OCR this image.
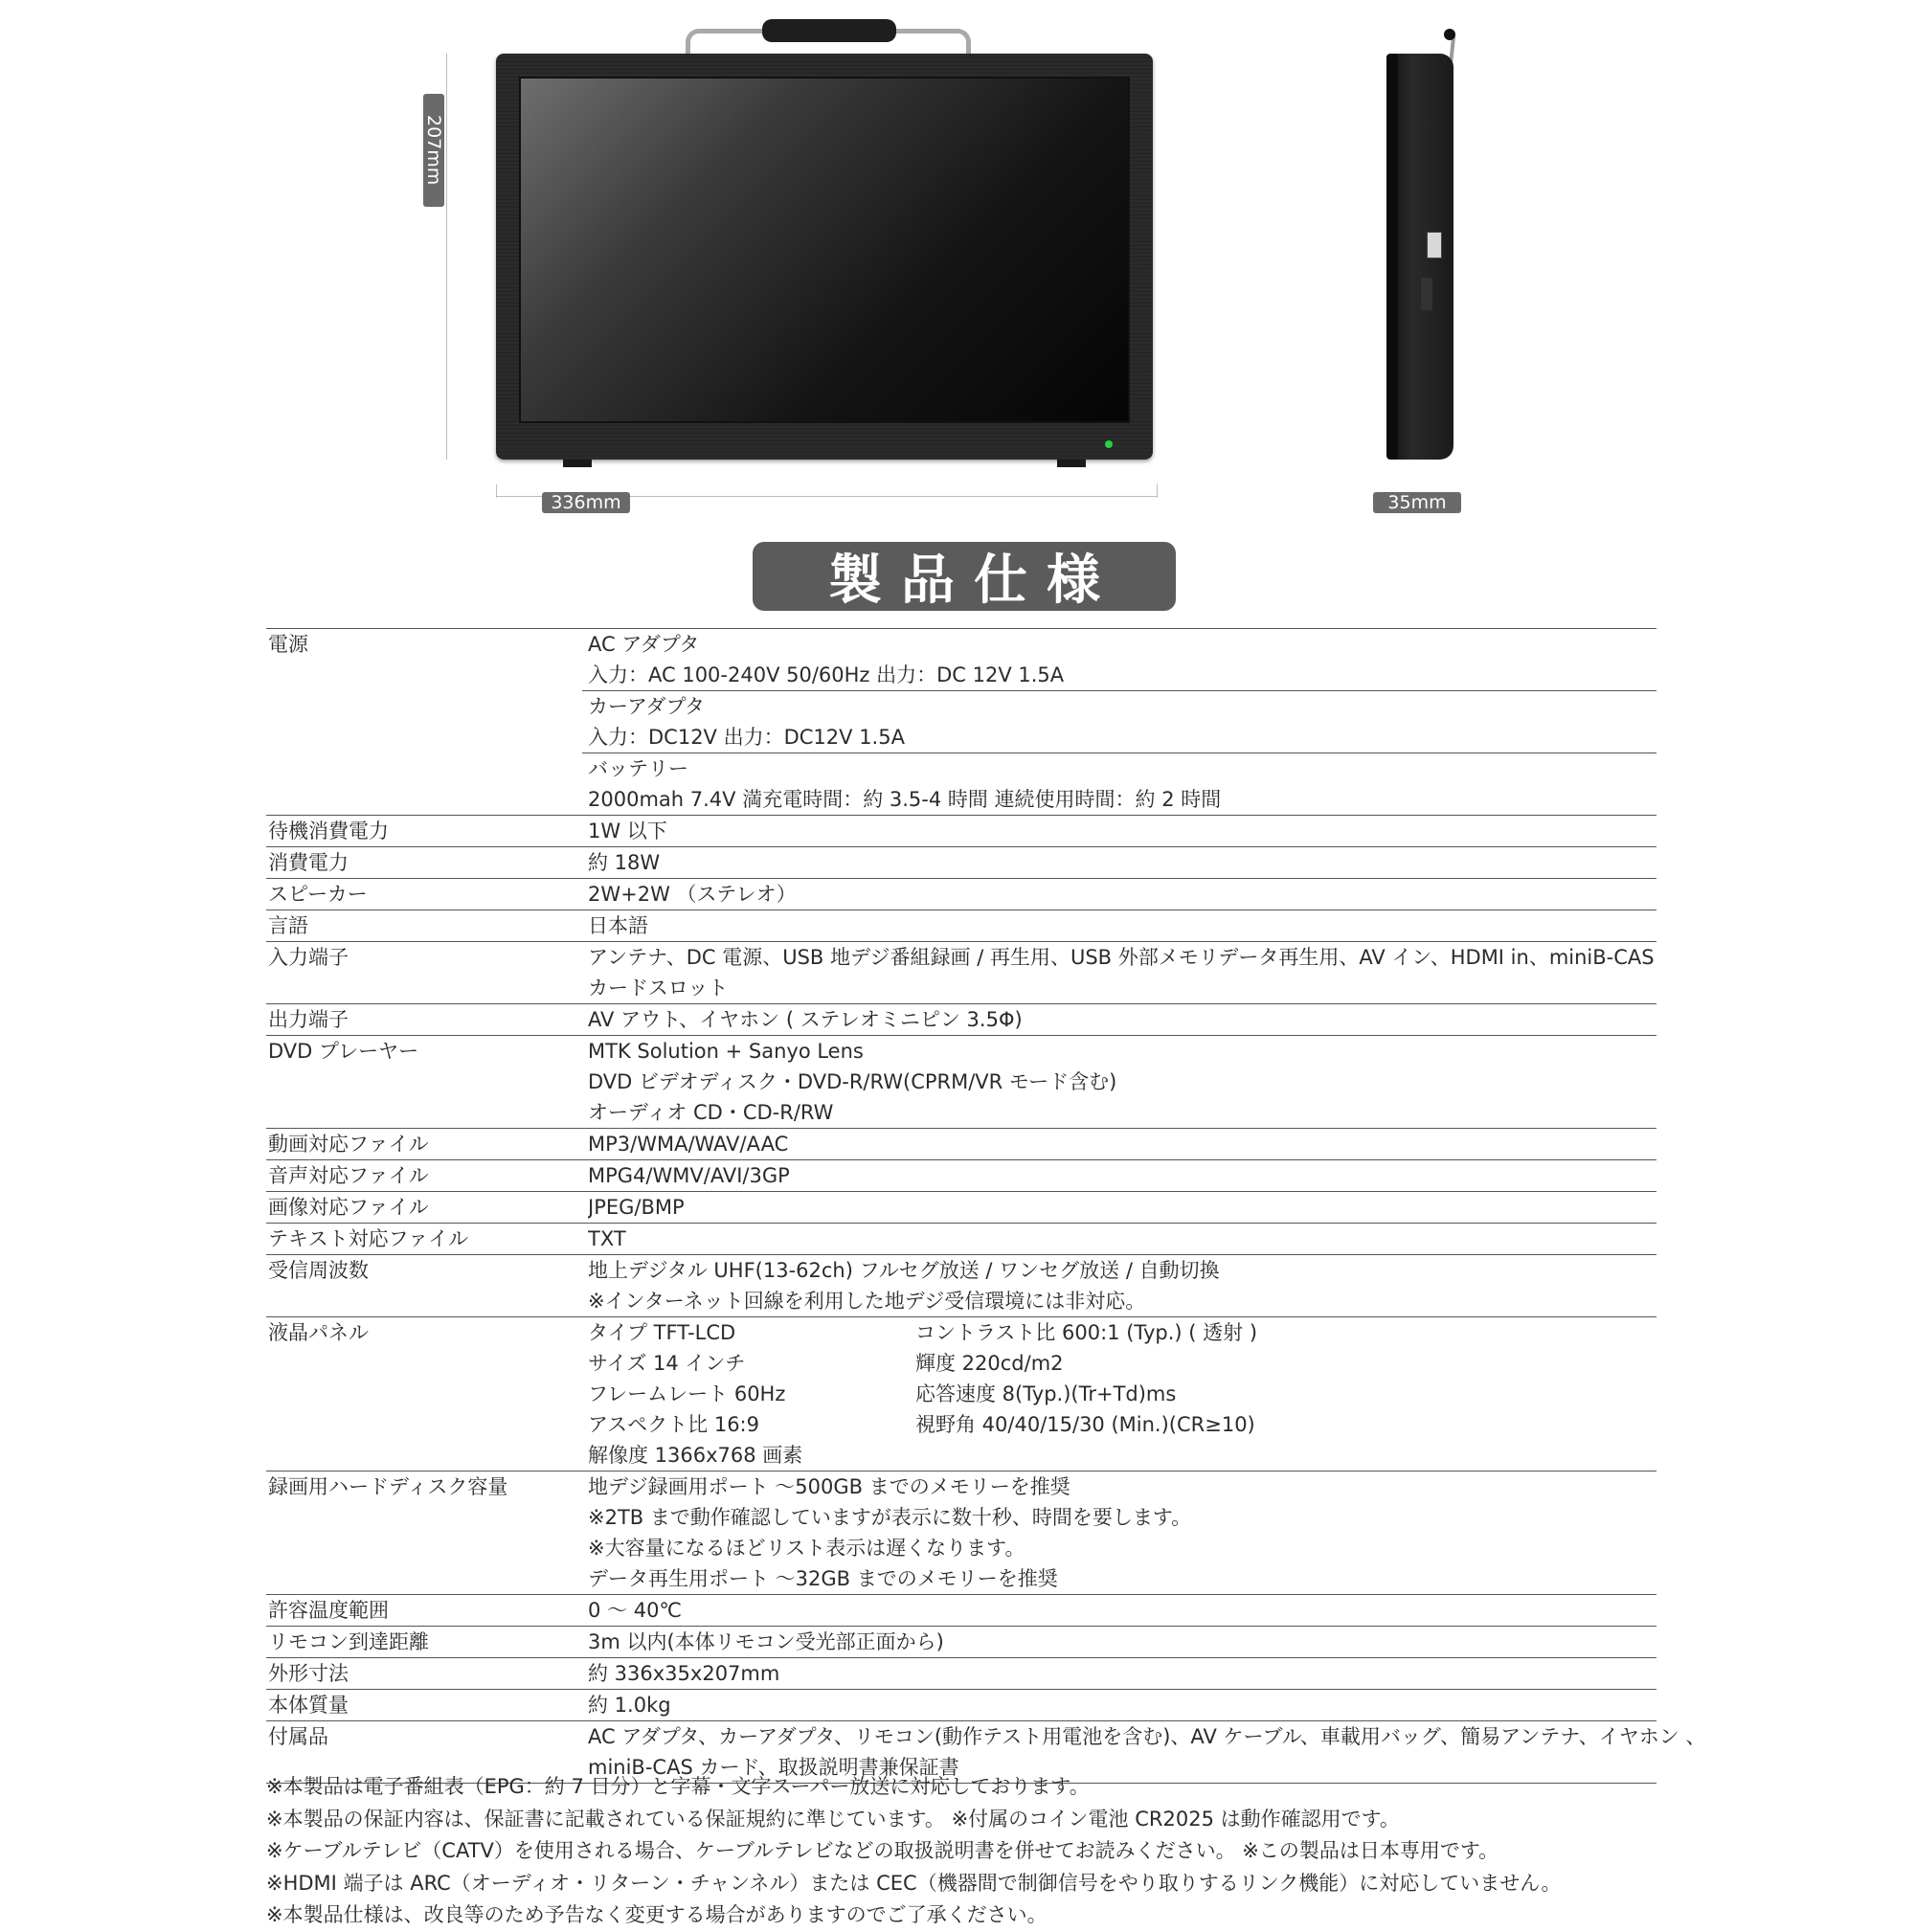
207mm
336mm	35mm
製品仕様
電源	AC アダプタ
入力：AC 100-240V 50/60Hz 出力：DC 12V 1.5A
カーアダプタ
入力：DC12V 出力：DC12V 1.5A
バッテリー
2000mah 7.4V 満充電時間：約 3.5-4 時間 連続使用時間：約 2 時間
待機消費電力	1W 以下
消費電力	約 18W
スピーカー	2W+2W （ステレオ）
言語	日本語
入力端子	アンテナ、DC 電源、USB 地デジ番組録画 / 再生用、USB 外部メモリデータ再生用、AV イン、HDMI in、miniB-CAS
カードスロット
出力端子	AV アウト、イヤホン ( ステレオミニピン 3.5Φ)
DVD プレーヤー	MTK Solution + Sanyo Lens
DVD ビデオディスク・DVD-R/RW(CPRM/VR モード含む)
オーディオ CD・CD-R/RW
動画対応ファイル	MP3/WMA/WAV/AAC
音声対応ファイル	MPG4/WMV/AVI/3GP
画像対応ファイル	JPEG/BMP
テキスト対応ファイル	TXT
受信周波数	地上デジタル UHF(13-62ch) フルセグ放送 / ワンセグ放送 / 自動切換
※インターネット回線を利用した地デジ受信環境には非対応。
液晶パネル	タイプ TFT-LCD	コントラスト比 600:1 (Typ.) ( 透射 )
サイズ 14 インチ	輝度 220cd/m2
フレームレート 60Hz	応答速度 8(Typ.)(Tr+Td)ms
アスペクト比 16:9	視野角 40/40/15/30 (Min.)(CR≥10)
解像度 1366x768 画素

録画用ハードディスク容量	地デジ録画用ポート ～500GB までのメモリーを推奨
※2TB まで動作確認していますが表示に数十秒、時間を要します。
※大容量になるほどリスト表示は遅くなります。
データ再生用ポート ～32GB までのメモリーを推奨
許容温度範囲	0 ～ 40℃
リモコン到達距離	3m 以内(本体リモコン受光部正面から)
外形寸法	約 336x35x207mm
本体質量	約 1.0kg
付属品	AC アダプタ、カーアダプタ、リモコン(動作テスト用電池を含む)、AV ケーブル、車載用バッグ、簡易アンテナ、イヤホン 、
miniB-CAS カード、取扱説明書兼保証書
※本製品は電子番組表（EPG：約 7 日分）と字幕・文字スーパー放送に対応しております。
※本製品の保証内容は、保証書に記載されている保証規約に準じています。 ※付属のコイン電池 CR2025 は動作確認用です。
※ケーブルテレビ（CATV）を使用される場合、ケーブルテレビなどの取扱説明書を併せてお読みください。 ※この製品は日本専用です。
※HDMI 端子は ARC（オーディオ・リターン・チャンネル）または CEC（機器間で制御信号をやり取りするリンク機能）に対応していません。
※本製品仕様は、改良等のため予告なく変更する場合がありますのでご了承ください。
